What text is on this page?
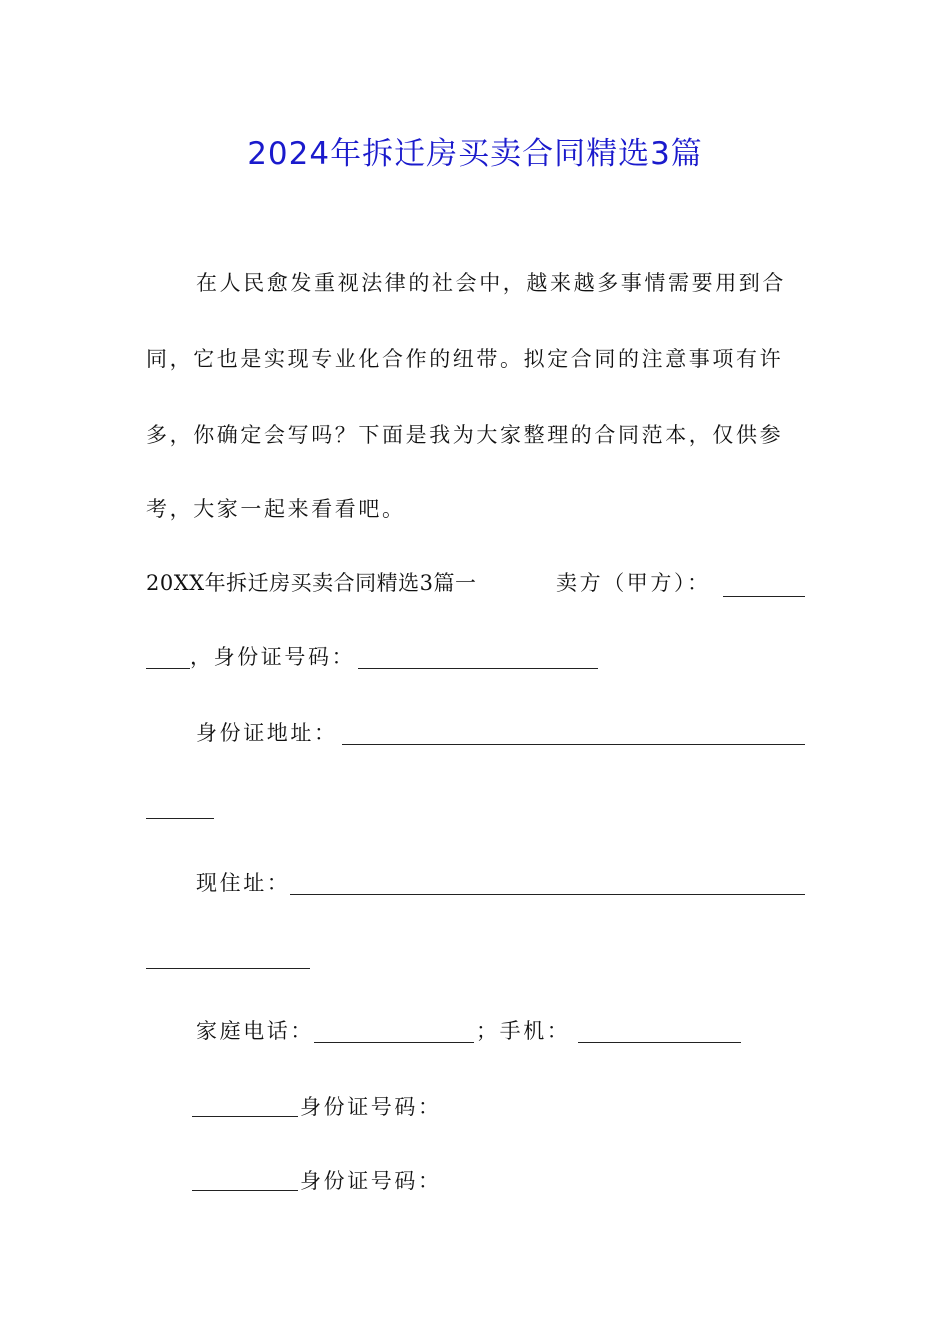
2024年拆迁房买卖合同精选3篇
在人民愈发重视法律的社会中，越来越多事情需要用到合
同，它也是实现专业化合作的纽带。拟定合同的注意事项有许
多，你确定会写吗？下面是我为大家整理的合同范本，仅供参
考，大家一起来看看吧。
20XX年拆迁房买卖合同精选3篇一	卖方（甲方）：
，身份证号码：
身份证地址：
现住址：
家庭电话：	；手机：
身份证号码：
身份证号码：
